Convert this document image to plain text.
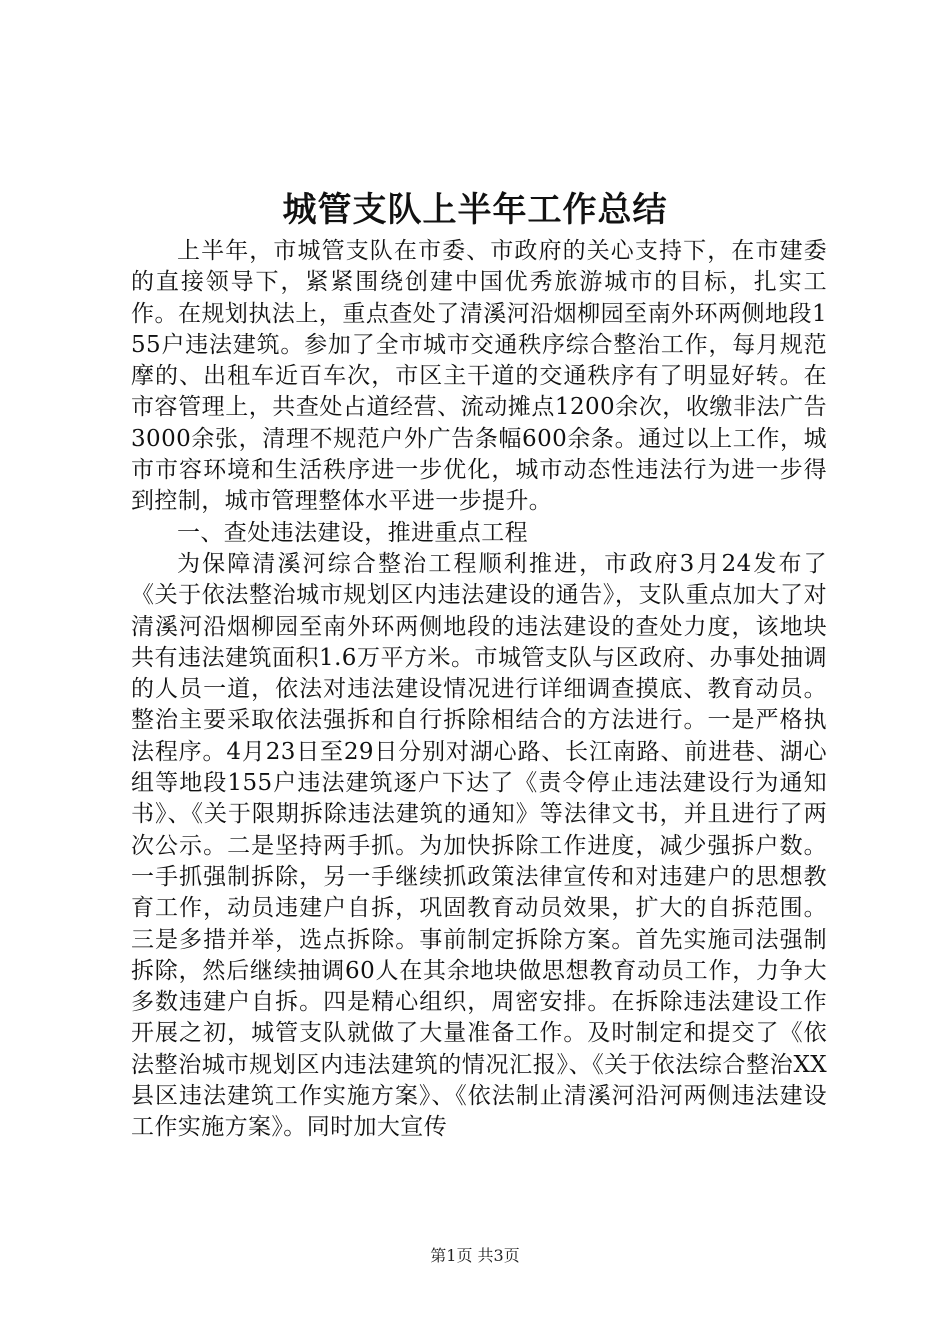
城管支队上半年工作总结

上半年，市城管支队在市委、市政府的关心支持下，在市建委的直接领导下，紧紧围绕创建中国优秀旅游城市的目标，扎实工作。在规划执法上，重点查处了清溪河沿烟柳园至南外环两侧地段155户违法建筑。参加了全市城市交通秩序综合整治工作，每月规范摩的、出租车近百车次，市区主干道的交通秩序有了明显好转。在市容管理上，共查处占道经营、流动摊点1200余次，收缴非法广告3000余张，清理不规范户外广告条幅600余条。通过以上工作，城市市容环境和生活秩序进一步优化，城市动态性违法行为进一步得到控制，城市管理整体水平进一步提升。

一、查处违法建设，推进重点工程

为保障清溪河综合整治工程顺利推进，市政府3月24发布了《关于依法整治城市规划区内违法建设的通告》，支队重点加大了对清溪河沿烟柳园至南外环两侧地段的违法建设的查处力度，该地块共有违法建筑面积1.6万平方米。市城管支队与区政府、办事处抽调的人员一道，依法对违法建设情况进行详细调查摸底、教育动员。整治主要采取依法强拆和自行拆除相结合的方法进行。一是严格执法程序。4月23日至29日分别对湖心路、长江南路、前进巷、湖心组等地段155户违法建筑逐户下达了《责令停止违法建设行为通知书》、《关于限期拆除违法建筑的通知》等法律文书，并且进行了两次公示。二是坚持两手抓。为加快拆除工作进度，减少强拆户数。一手抓强制拆除，另一手继续抓政策法律宣传和对违建户的思想教育工作，动员违建户自拆，巩固教育动员效果，扩大的自拆范围。三是多措并举，选点拆除。事前制定拆除方案。首先实施司法强制拆除，然后继续抽调60人在其余地块做思想教育动员工作，力争大多数违建户自拆。四是精心组织，周密安排。在拆除违法建设工作开展之初，城管支队就做了大量准备工作。及时制定和提交了《依法整治城市规划区内违法建筑的情况汇报》、《关于依法综合整治XX县区违法建筑工作实施方案》、《依法制止清溪河沿河两侧违法建设工作实施方案》。同时加大宣传

第1页 共3页
